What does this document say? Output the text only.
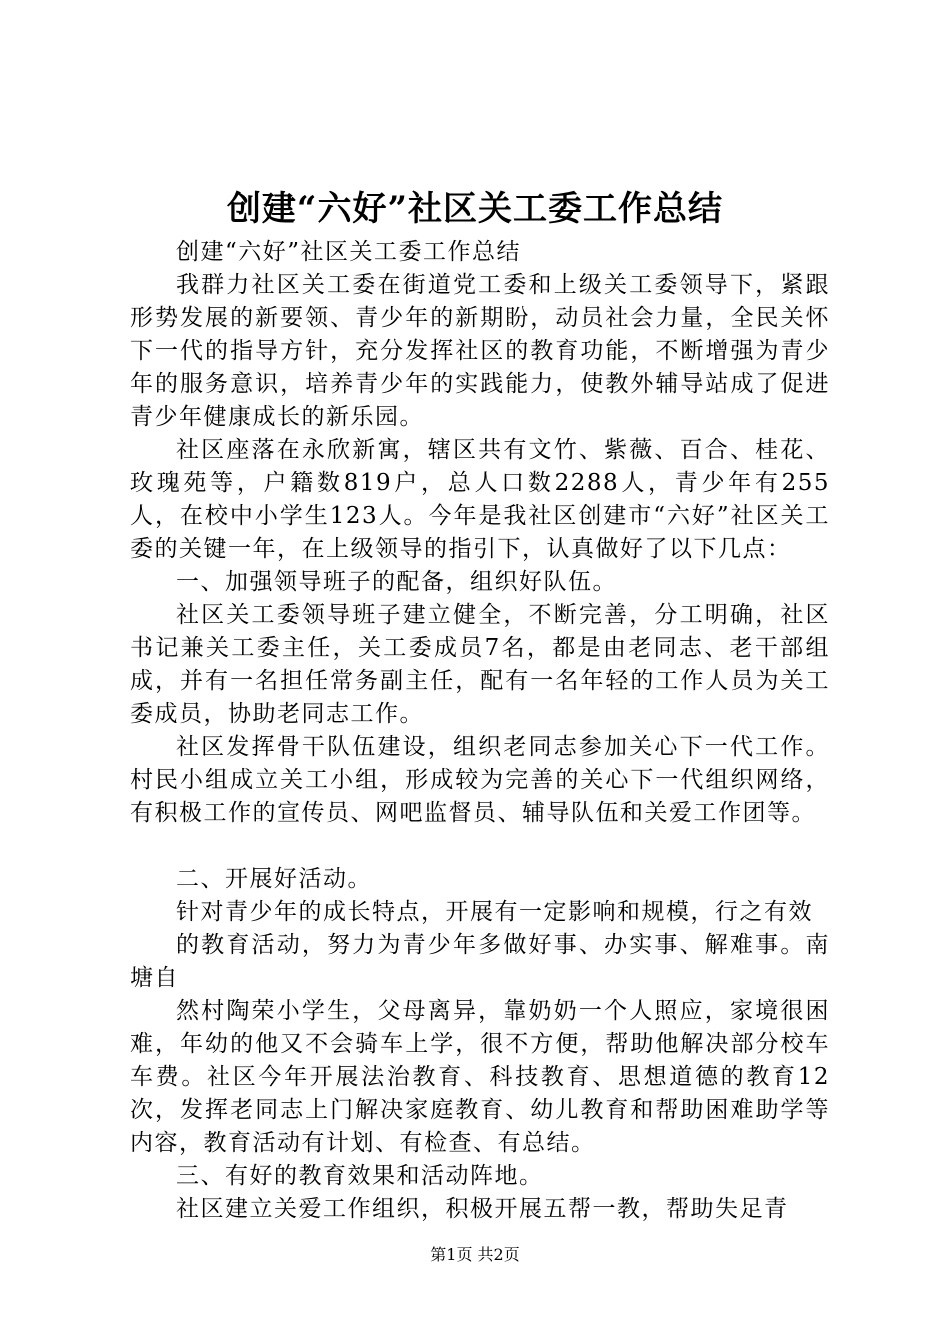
创建“六好”社区关工委工作总结

创建“六好”社区关工委工作总结

我群力社区关工委在街道党工委和上级关工委领导下，紧跟形势发展的新要领、青少年的新期盼，动员社会力量，全民关怀下一代的指导方针，充分发挥社区的教育功能，不断增强为青少年的服务意识，培养青少年的实践能力，使教外辅导站成了促进青少年健康成长的新乐园。

社区座落在永欣新寓，辖区共有文竹、紫薇、百合、桂花、玫瑰苑等，户籍数819户，总人口数2288人，青少年有255人，在校中小学生123人。今年是我社区创建市“六好”社区关工委的关键一年，在上级领导的指引下，认真做好了以下几点：

一、加强领导班子的配备，组织好队伍。

社区关工委领导班子建立健全，不断完善，分工明确，社区书记兼关工委主任，关工委成员7名，都是由老同志、老干部组成，并有一名担任常务副主任，配有一名年轻的工作人员为关工委成员，协助老同志工作。

社区发挥骨干队伍建设，组织老同志参加关心下一代工作。村民小组成立关工小组，形成较为完善的关心下一代组织网络，有积极工作的宣传员、网吧监督员、辅导队伍和关爱工作团等。

二、开展好活动。

针对青少年的成长特点，开展有一定影响和规模，行之有效

的教育活动，努力为青少年多做好事、办实事、解难事。南塘自

然村陶荣小学生，父母离异，靠奶奶一个人照应，家境很困难，年幼的他又不会骑车上学，很不方便，帮助他解决部分校车车费。社区今年开展法治教育、科技教育、思想道德的教育12次，发挥老同志上门解决家庭教育、幼儿教育和帮助困难助学等内容，教育活动有计划、有检查、有总结。

三、有好的教育效果和活动阵地。

社区建立关爱工作组织，积极开展五帮一教，帮助失足青

第1页 共2页
